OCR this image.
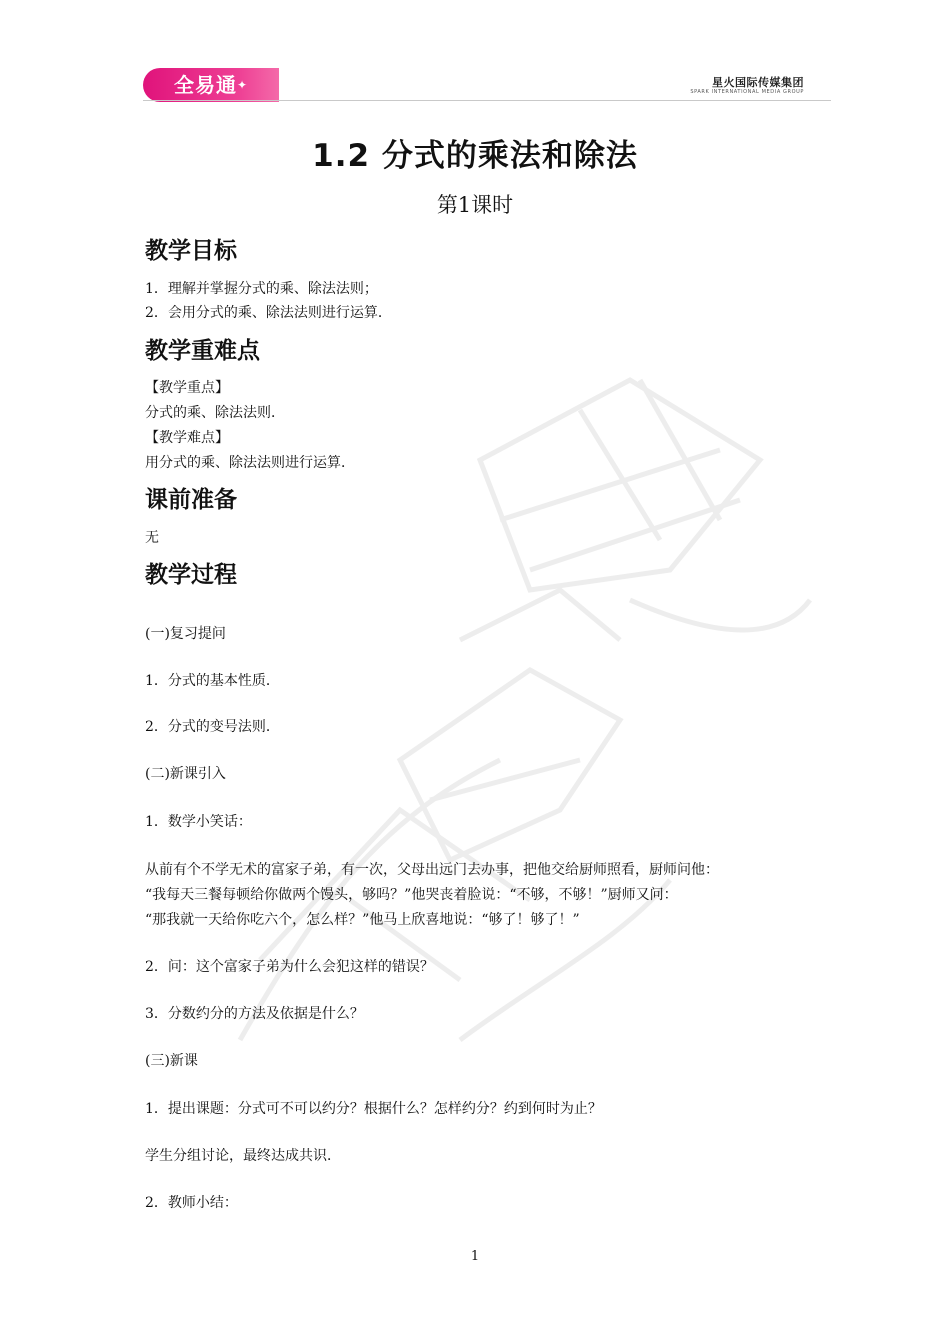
全易通✦	星火国际传媒集团
SPARK INTERNATIONAL MEDIA GROUP
1.2 分式的乘法和除法
第1课时
教学目标

1．理解并掌握分式的乘、除法法则；

2．会用分式的乘、除法法则进行运算．

教学重难点

【教学重点】

分式的乘、除法法则．

【教学难点】

用分式的乘、除法法则进行运算．

课前准备

无

教学过程

(一)复习提问

1．分式的基本性质．

2．分式的变号法则．

(二)新课引入

1．数学小笑话：

从前有个不学无术的富家子弟，有一次，父母出远门去办事，把他交给厨师照看，厨师问他：

“我每天三餐每顿给你做两个馒头，够吗？”他哭丧着脸说：“不够，不够！”厨师又问：

“那我就一天给你吃六个，怎么样？”他马上欣喜地说：“够了！够了！”

2．问：这个富家子弟为什么会犯这样的错误？

3．分数约分的方法及依据是什么？

(三)新课

1．提出课题：分式可不可以约分？根据什么？怎样约分？约到何时为止？

学生分组讨论，最终达成共识．

2．教师小结：

1
